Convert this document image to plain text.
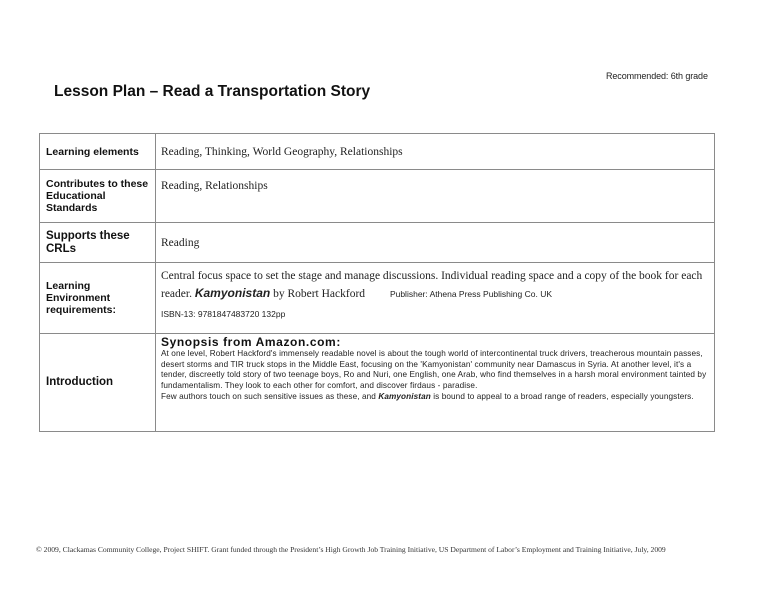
Recommended: 6th grade
Lesson Plan – Read a Transportation Story
Learning elements	Reading, Thinking, World Geography, Relationships
Contributes to these Educational Standards	Reading, Relationships
Supports these CRLs	Reading
Learning Environment requirements:	Central focus space to set the stage and manage discussions. Individual reading space and a copy of the book for each reader. Kamyonistan by Robert Hackford Publisher: Athena Press Publishing Co. UK
ISBN-13: 9781847483720 132pp

Introduction	Synopsis from Amazon.com:
At one level, Robert Hackford's immensely readable novel is about the tough world of intercontinental truck drivers, treacherous mountain passes, desert storms and TIR truck stops in the Middle East, focusing on the 'Kamyonistan' community near Damascus in Syria. At another level, it's a tender, discreetly told story of two teenage boys, Ro and Nuri, one English, one Arab, who find themselves in a harsh moral environment tainted by fundamentalism. They look to each other for comfort, and discover firdaus - paradise.
Few authors touch on such sensitive issues as these, and Kamyonistan is bound to appeal to a broad range of readers, especially youngsters.
© 2009, Clackamas Community College, Project SHIFT. Grant funded through the President’s High Growth Job Training Initiative, US Department of Labor’s Employment and Training Initiative, July, 2009
